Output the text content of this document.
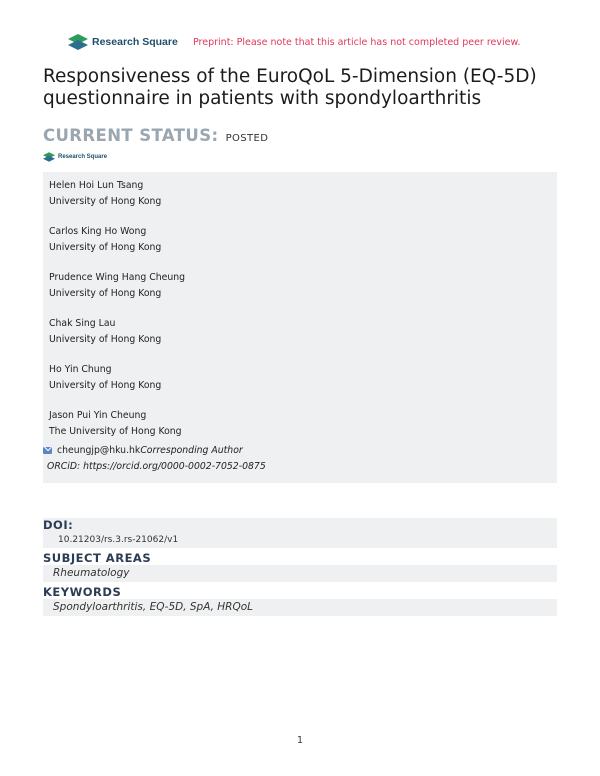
Research Square Preprint: Please note that this article has not completed peer review.
Responsiveness of the EuroQoL 5-Dimension (EQ-5D) questionnaire in patients with spondyloarthritis
CURRENT STATUS: POSTED
Research Square
Helen Hoi Lun Tsang
University of Hong Kong
Carlos King Ho Wong
University of Hong Kong
Prudence Wing Hang Cheung
University of Hong Kong
Chak Sing Lau
University of Hong Kong
Ho Yin Chung
University of Hong Kong
Jason Pui Yin Cheung
The University of Hong Kong
cheungjp@hku.hk Corresponding Author
ORCiD: https://orcid.org/0000-0002-7052-0875
DOI:
10.21203/rs.3.rs-21062/v1
SUBJECT AREAS
Rheumatology
KEYWORDS
Spondyloarthritis, EQ-5D, SpA, HRQoL
1
